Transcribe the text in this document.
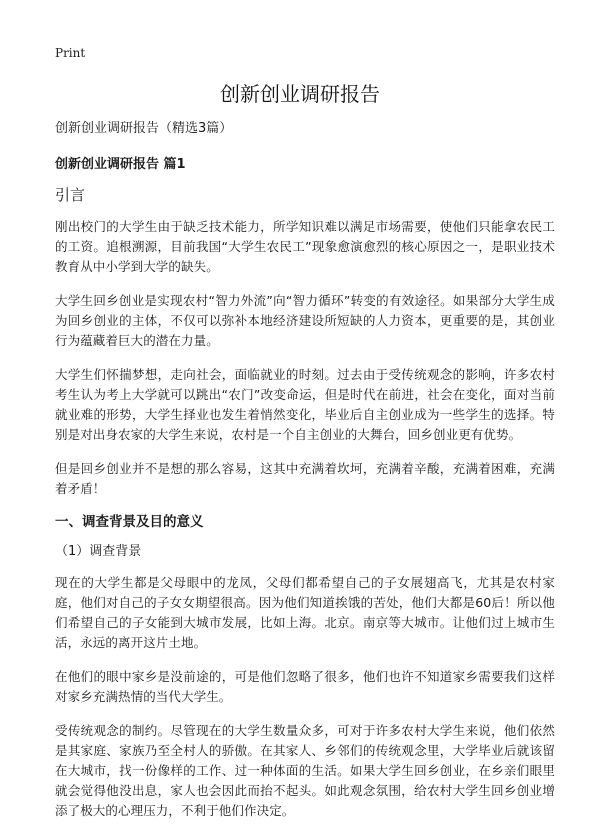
Print
创新创业调研报告

创新创业调研报告（精选3篇）

创新创业调研报告 篇1

引言

刚出校门的大学生由于缺乏技术能力，所学知识难以满足市场需要，使他们只能拿农民工的工资。追根溯源，目前我国“大学生农民工”现象愈演愈烈的核心原因之一，是职业技术教育从中小学到大学的缺失。

大学生回乡创业是实现农村“智力外流”向“智力循环”转变的有效途径。如果部分大学生成为回乡创业的主体，不仅可以弥补本地经济建设所短缺的人力资本，更重要的是，其创业行为蕴藏着巨大的潜在力量。

大学生们怀揣梦想，走向社会，面临就业的时刻。过去由于受传统观念的影响，许多农村考生认为考上大学就可以跳出“农门”改变命运，但是时代在前进，社会在变化，面对当前就业难的形势，大学生择业也发生着悄然变化，毕业后自主创业成为一些学生的选择。特别是对出身农家的大学生来说，农村是一个自主创业的大舞台，回乡创业更有优势。

但是回乡创业并不是想的那么容易，这其中充满着坎坷，充满着辛酸，充满着困难，充满着矛盾！

一、调查背景及目的意义

（1）调查背景

现在的大学生都是父母眼中的龙凤，父母们都希望自己的子女展翅高飞，尤其是农村家庭，他们对自己的子女女期望很高。因为他们知道挨饿的苦处，他们大都是60后！所以他们希望自己的子女能到大城市发展，比如上海。北京。南京等大城市。让他们过上城市生活，永远的离开这片土地。

在他们的眼中家乡是没前途的，可是他们忽略了很多，他们也许不知道家乡需要我们这样对家乡充满热情的当代大学生。

受传统观念的制约。尽管现在的大学生数量众多，可对于许多农村大学生来说，他们依然是其家庭、家族乃至全村人的骄傲。在其家人、乡邻们的传统观念里，大学毕业后就该留在大城市，找一份像样的工作、过一种体面的生活。如果大学生回乡创业，在乡亲们眼里就会觉得他没出息，家人也会因此而抬不起头。如此观念氛围，给农村大学生回乡创业增添了极大的心理压力，不利于他们作决定。
